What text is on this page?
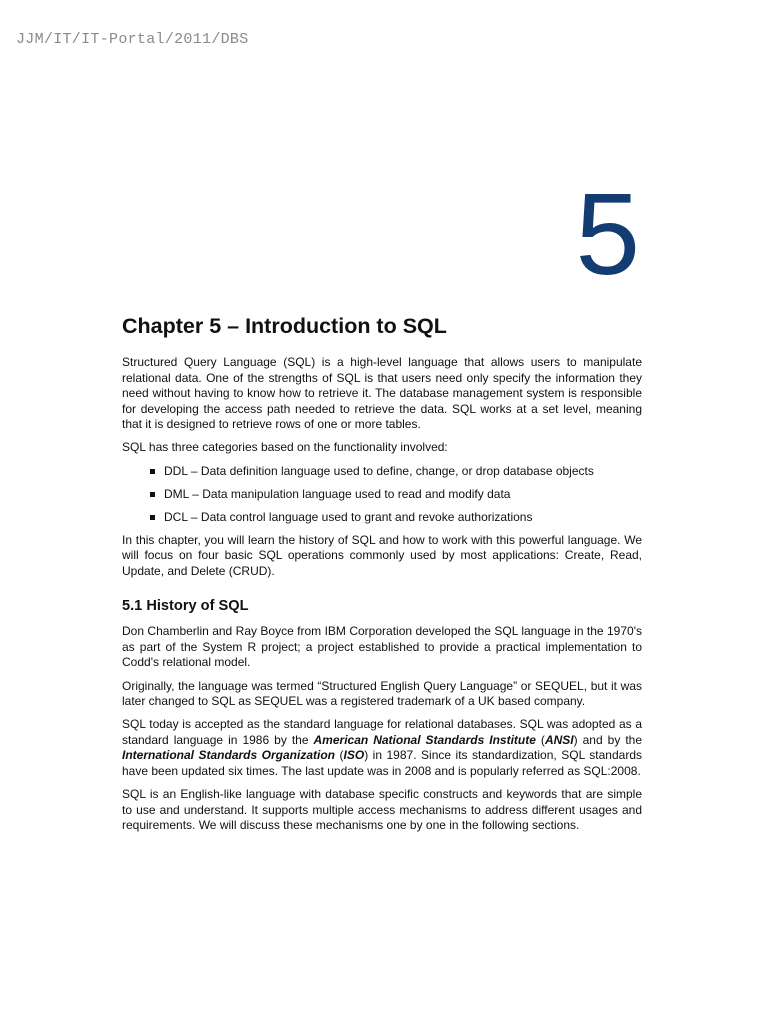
JJM/IT/IT-Portal/2011/DBS
5
Chapter 5 – Introduction to SQL

Structured Query Language (SQL) is a high-level language that allows users to manipulate relational data. One of the strengths of SQL is that users need only specify the information they need without having to know how to retrieve it. The database management system is responsible for developing the access path needed to retrieve the data. SQL works at a set level, meaning that it is designed to retrieve rows of one or more tables.

SQL has three categories based on the functionality involved:

DDL – Data definition language used to define, change, or drop database objects
DML – Data manipulation language used to read and modify data
DCL – Data control language used to grant and revoke authorizations

In this chapter, you will learn the history of SQL and how to work with this powerful language. We will focus on four basic SQL operations commonly used by most applications: Create, Read, Update, and Delete (CRUD).

5.1 History of SQL

Don Chamberlin and Ray Boyce from IBM Corporation developed the SQL language in the 1970's as part of the System R project; a project established to provide a practical implementation to Codd's relational model.

Originally, the language was termed “Structured English Query Language” or SEQUEL, but it was later changed to SQL as SEQUEL was a registered trademark of a UK based company.

SQL today is accepted as the standard language for relational databases. SQL was adopted as a standard language in 1986 by the American National Standards Institute (ANSI) and by the International Standards Organization (ISO) in 1987. Since its standardization, SQL standards have been updated six times. The last update was in 2008 and is popularly referred as SQL:2008.

SQL is an English-like language with database specific constructs and keywords that are simple to use and understand. It supports multiple access mechanisms to address different usages and requirements. We will discuss these mechanisms one by one in the following sections.
